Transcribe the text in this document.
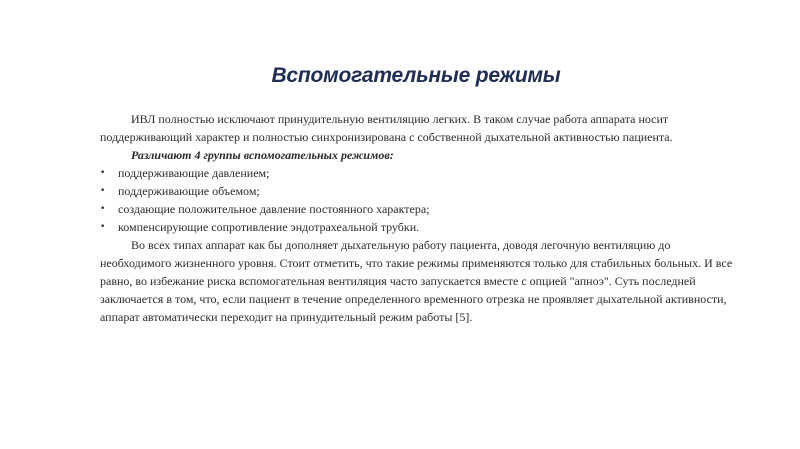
Вспомогательные режимы

ИВЛ полностью исключают принудительную вентиляцию легких. В таком случае работа аппарата носит поддерживающий характер и полностью синхронизирована с собственной дыхательной активностью пациента.

Различают 4 группы вспомогательных режимов:

• поддерживающие давлением;
• поддерживающие объемом;
• создающие положительное давление постоянного характера;
• компенсирующие сопротивление эндотрахеальной трубки.

Во всех типах аппарат как бы дополняет дыхательную работу пациента, доводя легочную вентиляцию до необходимого жизненного уровня. Стоит отметить, что такие режимы применяются только для стабильных больных. И все равно, во избежание риска вспомогательная вентиляция часто запускается вместе с опцией "апноэ". Суть последней заключается в том, что, если пациент в течение определенного временного отрезка не проявляет дыхательной активности, аппарат автоматически переходит на принудительный режим работы [5].
